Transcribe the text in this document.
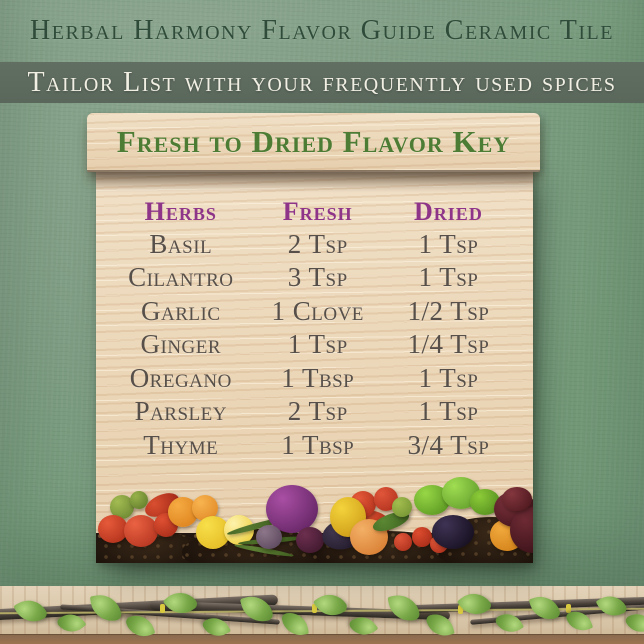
Herbal Harmony Flavor Guide Ceramic Tile
Tailor List with your frequently used spices
Herbs	Fresh	Dried
Basil	2 Tsp	1 Tsp
Cilantro	3 Tsp	1 Tsp
Garlic	1 Clove	1/2 Tsp
Ginger	1 Tsp	1/4 Tsp
Oregano	1 Tbsp	1 Tsp
Parsley	2 Tsp	1 Tsp
Thyme	1 Tbsp	3/4 Tsp
Fresh to Dried Flavor Key
